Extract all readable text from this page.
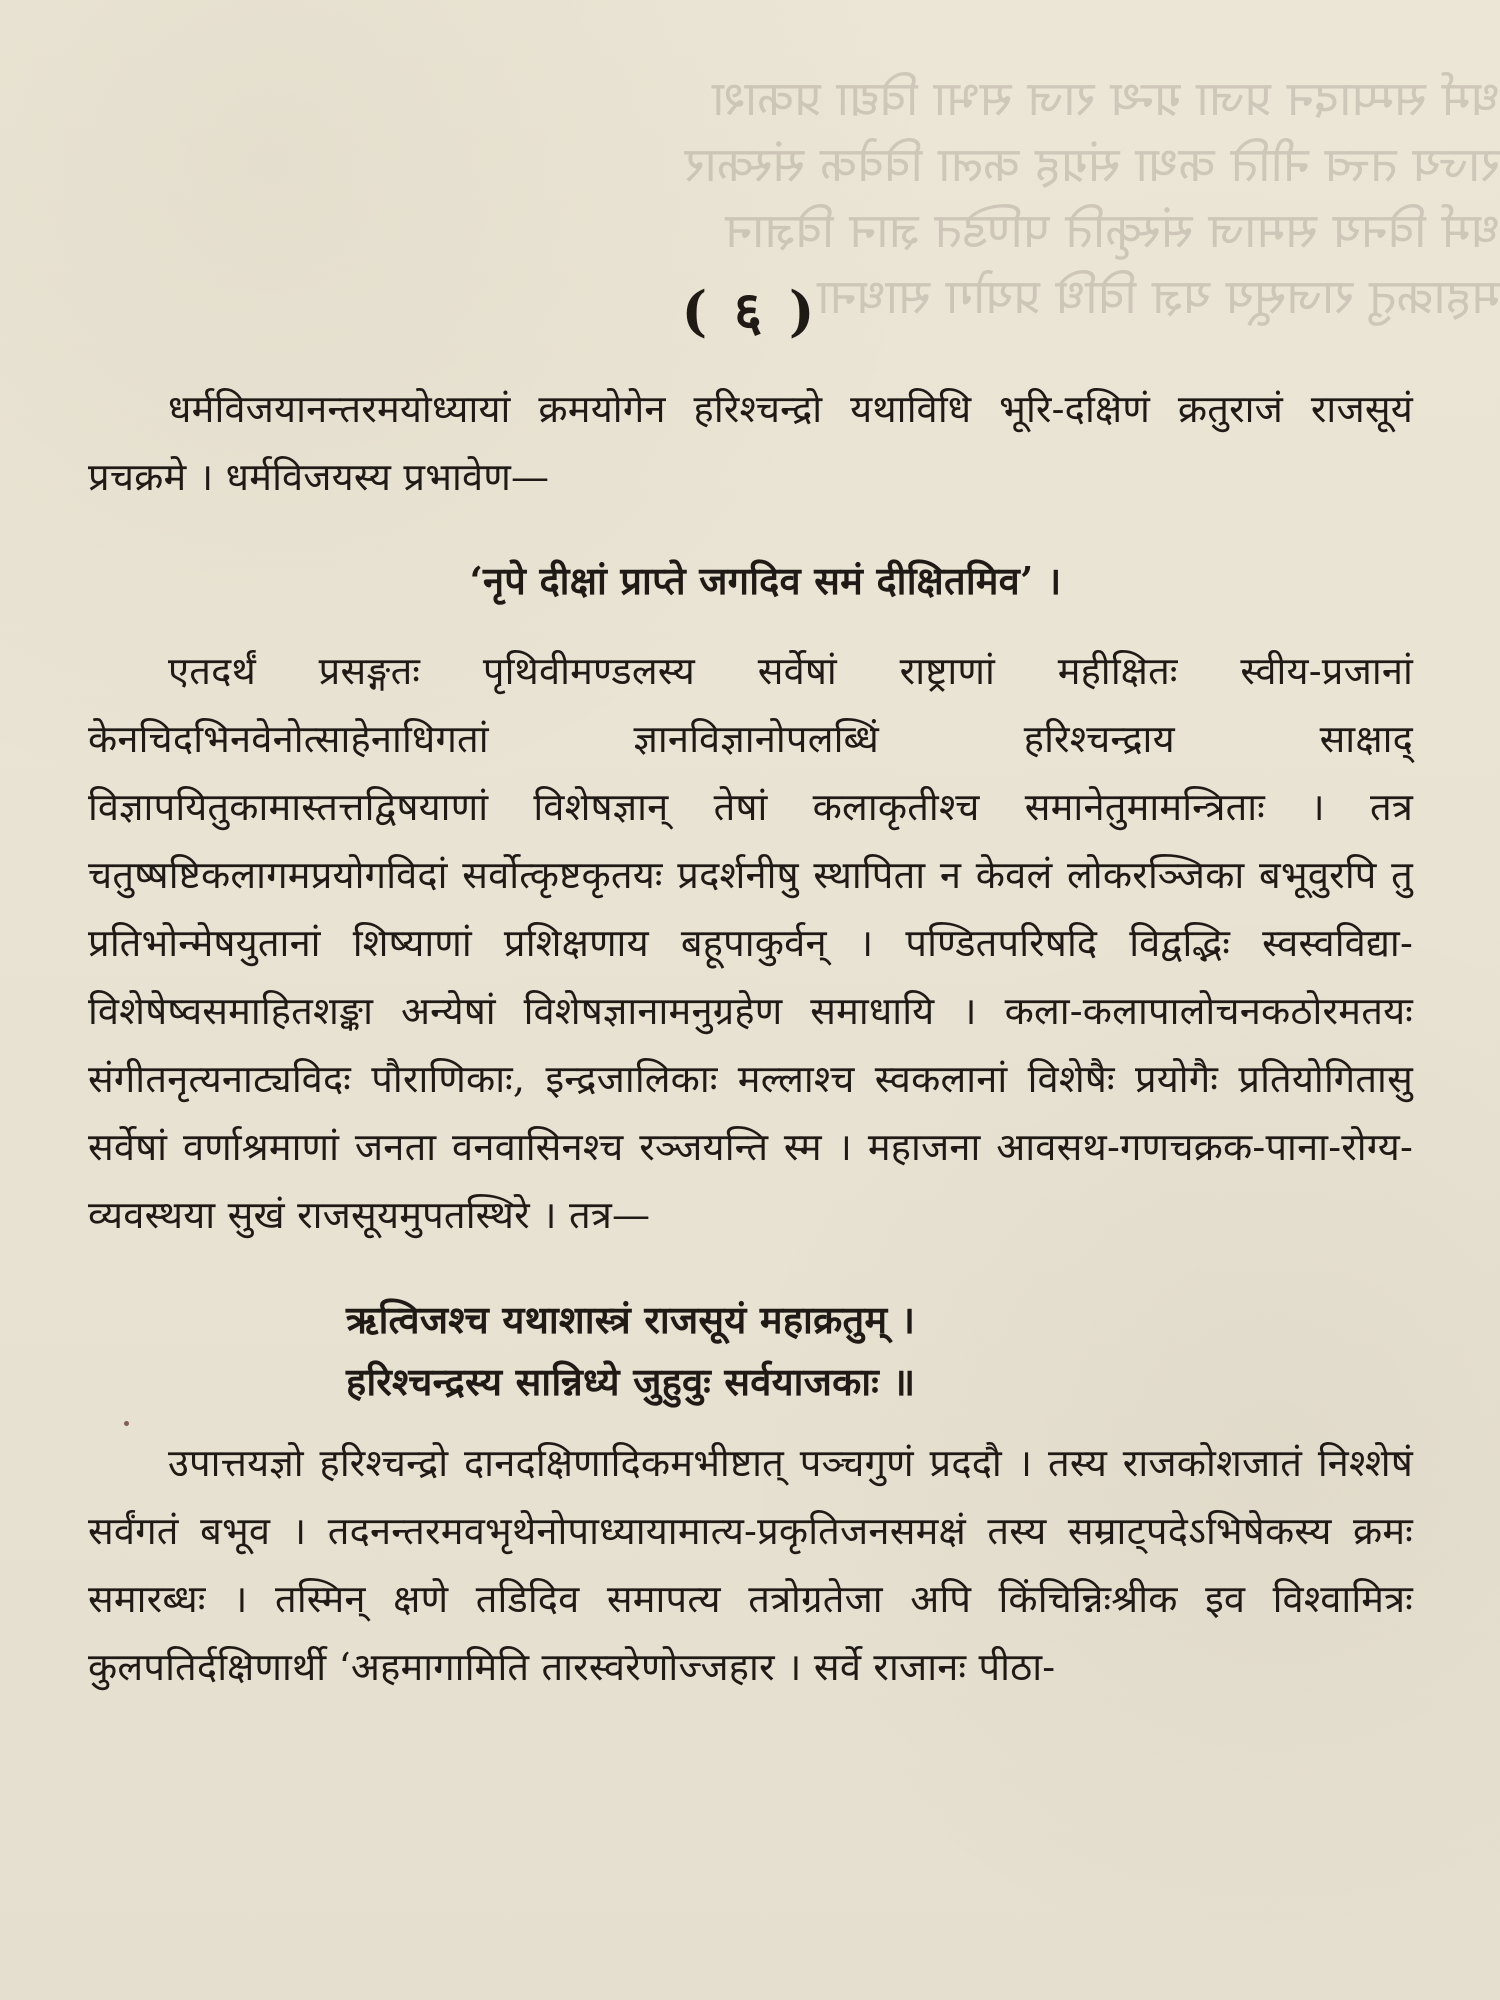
धर्म सम्पादन प्रजा ग्रन्थ राज सभा विद्या प्रकाश
राज्य तत्त्व नीति कथा संग्रह कला विवेक संस्कार
धर्म विनय समाज संस्कृति पण्डित ज्ञान विज्ञान
महाक्रतु राजसूय यज्ञ विधि प्रयोग साधना

( ६ )

धर्मविजयानन्तरमयोध्यायां क्रमयोगेन हरिश्चन्द्रो यथाविधि भूरि-दक्षिणं क्रतुराजं राजसूयं प्रचक्रमे । धर्मविजयस्य प्रभावेण—

‘नृपे दीक्षां प्राप्ते जगदिव समं दीक्षितमिव’ ।

एतदर्थं प्रसङ्गतः पृथिवीमण्डलस्य सर्वेषां राष्ट्राणां महीक्षितः स्वीय-प्रजानां केनचिदभिनवेनोत्साहेनाधिगतां ज्ञानविज्ञानोपलब्धिं हरिश्चन्द्राय साक्षाद् विज्ञापयितुकामास्तत्तद्विषयाणां विशेषज्ञान् तेषां कलाकृतीश्च समानेतुमामन्त्रिताः । तत्र चतुष्षष्टिकलागमप्रयोगविदां सर्वोत्कृष्टकृतयः प्रदर्शनीषु स्थापिता न केवलं लोकरञ्जिका बभूवुरपि तु प्रतिभोन्मेषयुतानां शिष्याणां प्रशिक्षणाय बहूपाकुर्वन् । पण्डितपरिषदि विद्वद्भिः स्वस्वविद्या-विशेषेष्वसमाहितशङ्का अन्येषां विशेषज्ञानामनुग्रहेण समाधायि । कला-कलापालोचनकठोरमतयः संगीतनृत्यनाट्यविदः पौराणिकाः, इन्द्रजालिकाः मल्लाश्च स्वकलानां विशेषैः प्रयोगैः प्रतियोगितासु सर्वेषां वर्णाश्रमाणां जनता वनवासिनश्च रञ्जयन्ति स्म । महाजना आवसथ-गणचक्रक-पाना-रोग्य-व्यवस्थया सुखं राजसूयमुपतस्थिरे । तत्र—

ऋत्विजश्च यथाशास्त्रं राजसूयं महाक्रतुम् ।
हरिश्चन्द्रस्य सान्निध्ये जुहुवुः सर्वयाजकाः ॥

उपात्तयज्ञो हरिश्चन्द्रो दानदक्षिणादिकमभीष्टात् पञ्चगुणं प्रददौ । तस्य राजकोशजातं निश्शेषं सर्वंगतं बभूव । तदनन्तरमवभृथेनोपाध्यायामात्य-प्रकृतिजनसमक्षं तस्य सम्राट्पदेऽभिषेकस्य क्रमः समारब्धः । तस्मिन् क्षणे तडिदिव समापत्य तत्रोग्रतेजा अपि किंचिन्निःश्रीक इव विश्वामित्रः कुलपतिर्दक्षिणार्थी ‘अहमागामिति तारस्वरेणोज्जहार । सर्वे राजानः पीठा-
